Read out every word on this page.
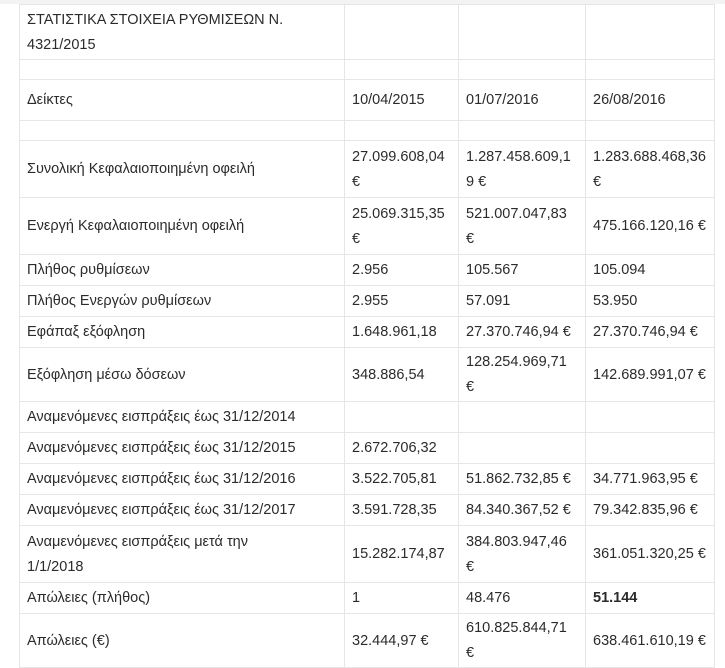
ΣΤΑΤΙΣΤΙΚΑ ΣΤΟΙΧΕΙΑ ΡΥΘΜΙΣΕΩΝ Ν. 4321/2015			

Δείκτες	10/04/2015	01/07/2016	26/08/2016

Συνολική Κεφαλαιοποιημένη οφειλή	27.099.608,04 €	1.287.458.609,19 €	1.283.688.468,36 €
Ενεργή Κεφαλαιοποιημένη οφειλή	25.069.315,35 €	521.007.047,83 €	475.166.120,16 €
Πλήθος ρυθμίσεων	2.956	105.567	105.094
Πλήθος Ενεργών ρυθμίσεων	2.955	57.091	53.950
Εφάπαξ εξόφληση	1.648.961,18	27.370.746,94 €	27.370.746,94 €
Εξόφληση μέσω δόσεων	348.886,54	128.254.969,71 €	142.689.991,07 €
Αναμενόμενες εισπράξεις έως 31/12/2014			
Αναμενόμενες εισπράξεις έως 31/12/2015	2.672.706,32		
Αναμενόμενες εισπράξεις έως 31/12/2016	3.522.705,81	51.862.732,85 €	34.771.963,95 €
Αναμενόμενες εισπράξεις έως 31/12/2017	3.591.728,35	84.340.367,52 €	79.342.835,96 €
Αναμενόμενες εισπράξεις μετά την 1/1/2018	15.282.174,87	384.803.947,46 €	361.051.320,25 €
Απώλειες (πλήθος)	1	48.476	51.144
Απώλειες (€)	32.444,97 €	610.825.844,71 €	638.461.610,19 €
